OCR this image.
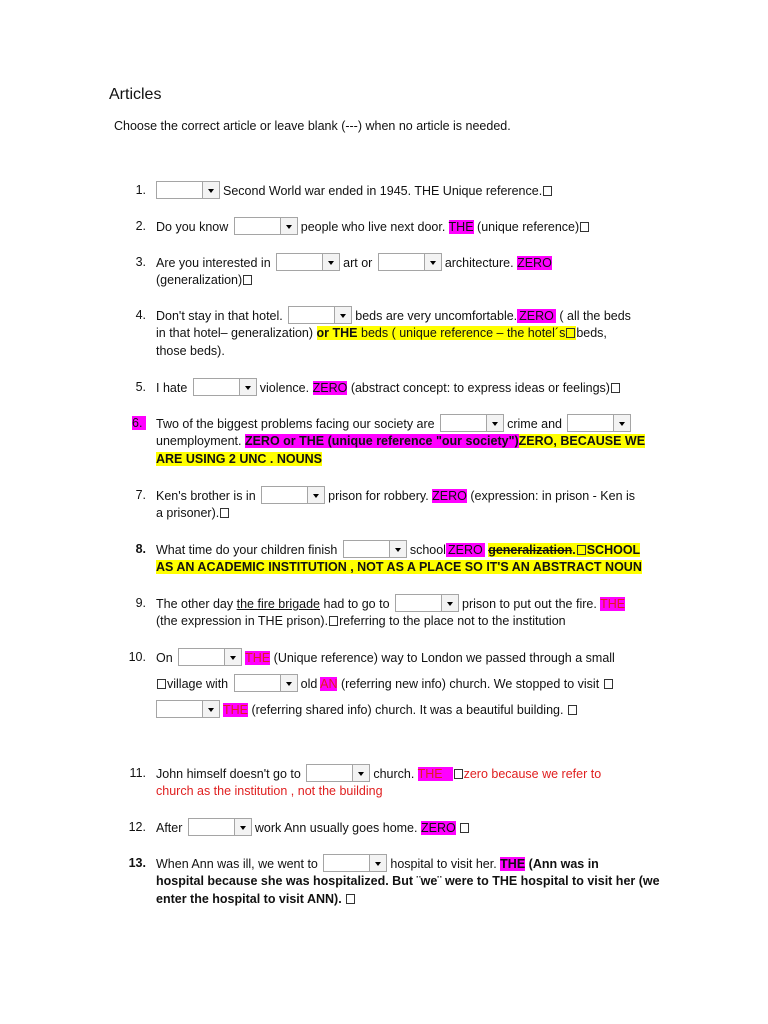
Articles
Choose the correct article or leave blank (---) when no article is needed.
1.	Second World war ended in 1945. THE Unique reference.
2. Do you know	people who live next door. THE (unique reference)
3. Are you interested in	art or	architecture. ZERO
(generalization)
4. Don't stay in that hotel.	beds are very uncomfortable. ZERO ( all the beds
in that hotel– generalization) or THE beds ( unique reference – the hotel´s beds,
those beds).
5. I hate	violence. ZERO (abstract concept: to express ideas or feelings)
6. Two of the biggest problems facing our society are	crime and
unemployment. ZERO or THE (unique reference "our society")ZERO, BECAUSE WE
ARE USING 2 UNC . NOUNS
7. Ken's brother is in	prison for robbery. ZERO (expression: in prison - Ken is
a prisoner).
8. What time do your children finish	school ZERO generalization. SCHOOL
AS AN ACADEMIC INSTITUTION , NOT AS A PLACE SO IT'S AN ABSTRACT NOUN
9. The other day the fire brigade had to go to	prison to put out the fire. THE
(the expression in THE prison). referring to the place not to the institution
10. On	THE (Unique reference) way to London we passed through a small
village with	old AN (referring new info) church. We stopped to visit
THE (referring shared info) church. It was a beautiful building.
11. John himself doesn't go to	church. THE zero because we refer to
church as the institution , not the building
12. After	work Ann usually goes home. ZERO
13. When Ann was ill, we went to	hospital to visit her. THE (Ann was in
hospital because she was hospitalized. But ¨we¨ were to THE hospital to visit her (we
enter the hospital to visit ANN).
